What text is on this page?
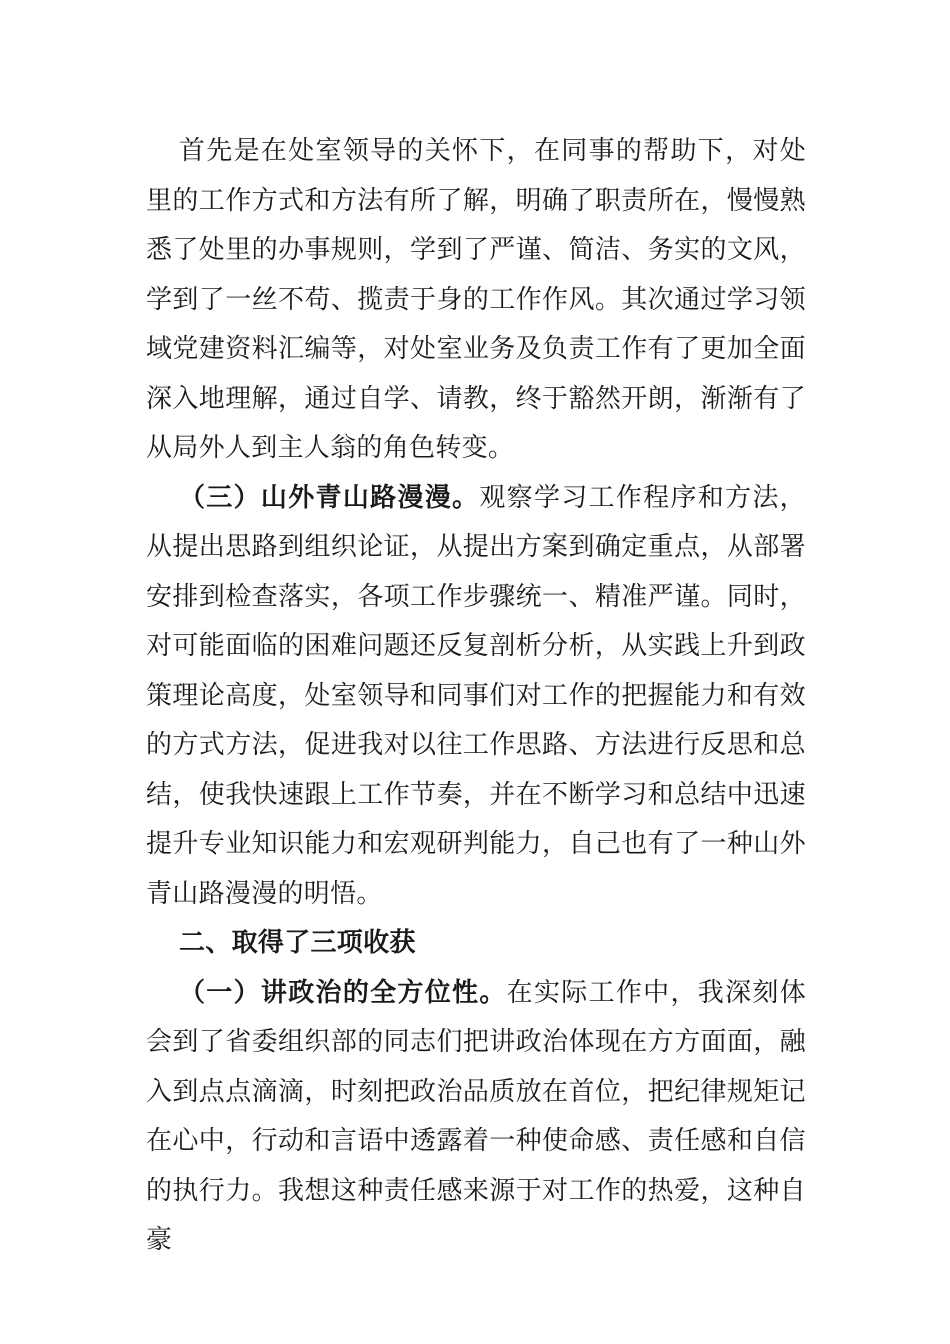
首先是在处室领导的关怀下，在同事的帮助下，对处里的工作方式和方法有所了解，明确了职责所在，慢慢熟悉了处里的办事规则，学到了严谨、简洁、务实的文风，学到了一丝不苟、揽责于身的工作作风。其次通过学习领域党建资料汇编等，对处室业务及负责工作有了更加全面深入地理解，通过自学、请教，终于豁然开朗，渐渐有了从局外人到主人翁的角色转变。

（三）山外青山路漫漫。观察学习工作程序和方法，从提出思路到组织论证，从提出方案到确定重点，从部署安排到检查落实，各项工作步骤统一、精准严谨。同时，对可能面临的困难问题还反复剖析分析，从实践上升到政策理论高度，处室领导和同事们对工作的把握能力和有效的方式方法，促进我对以往工作思路、方法进行反思和总结，使我快速跟上工作节奏，并在不断学习和总结中迅速提升专业知识能力和宏观研判能力，自己也有了一种山外青山路漫漫的明悟。

二、取得了三项收获

（一）讲政治的全方位性。在实际工作中，我深刻体会到了省委组织部的同志们把讲政治体现在方方面面，融入到点点滴滴，时刻把政治品质放在首位，把纪律规矩记在心中，行动和言语中透露着一种使命感、责任感和自信的执行力。我想这种责任感来源于对工作的热爱，这种自豪
